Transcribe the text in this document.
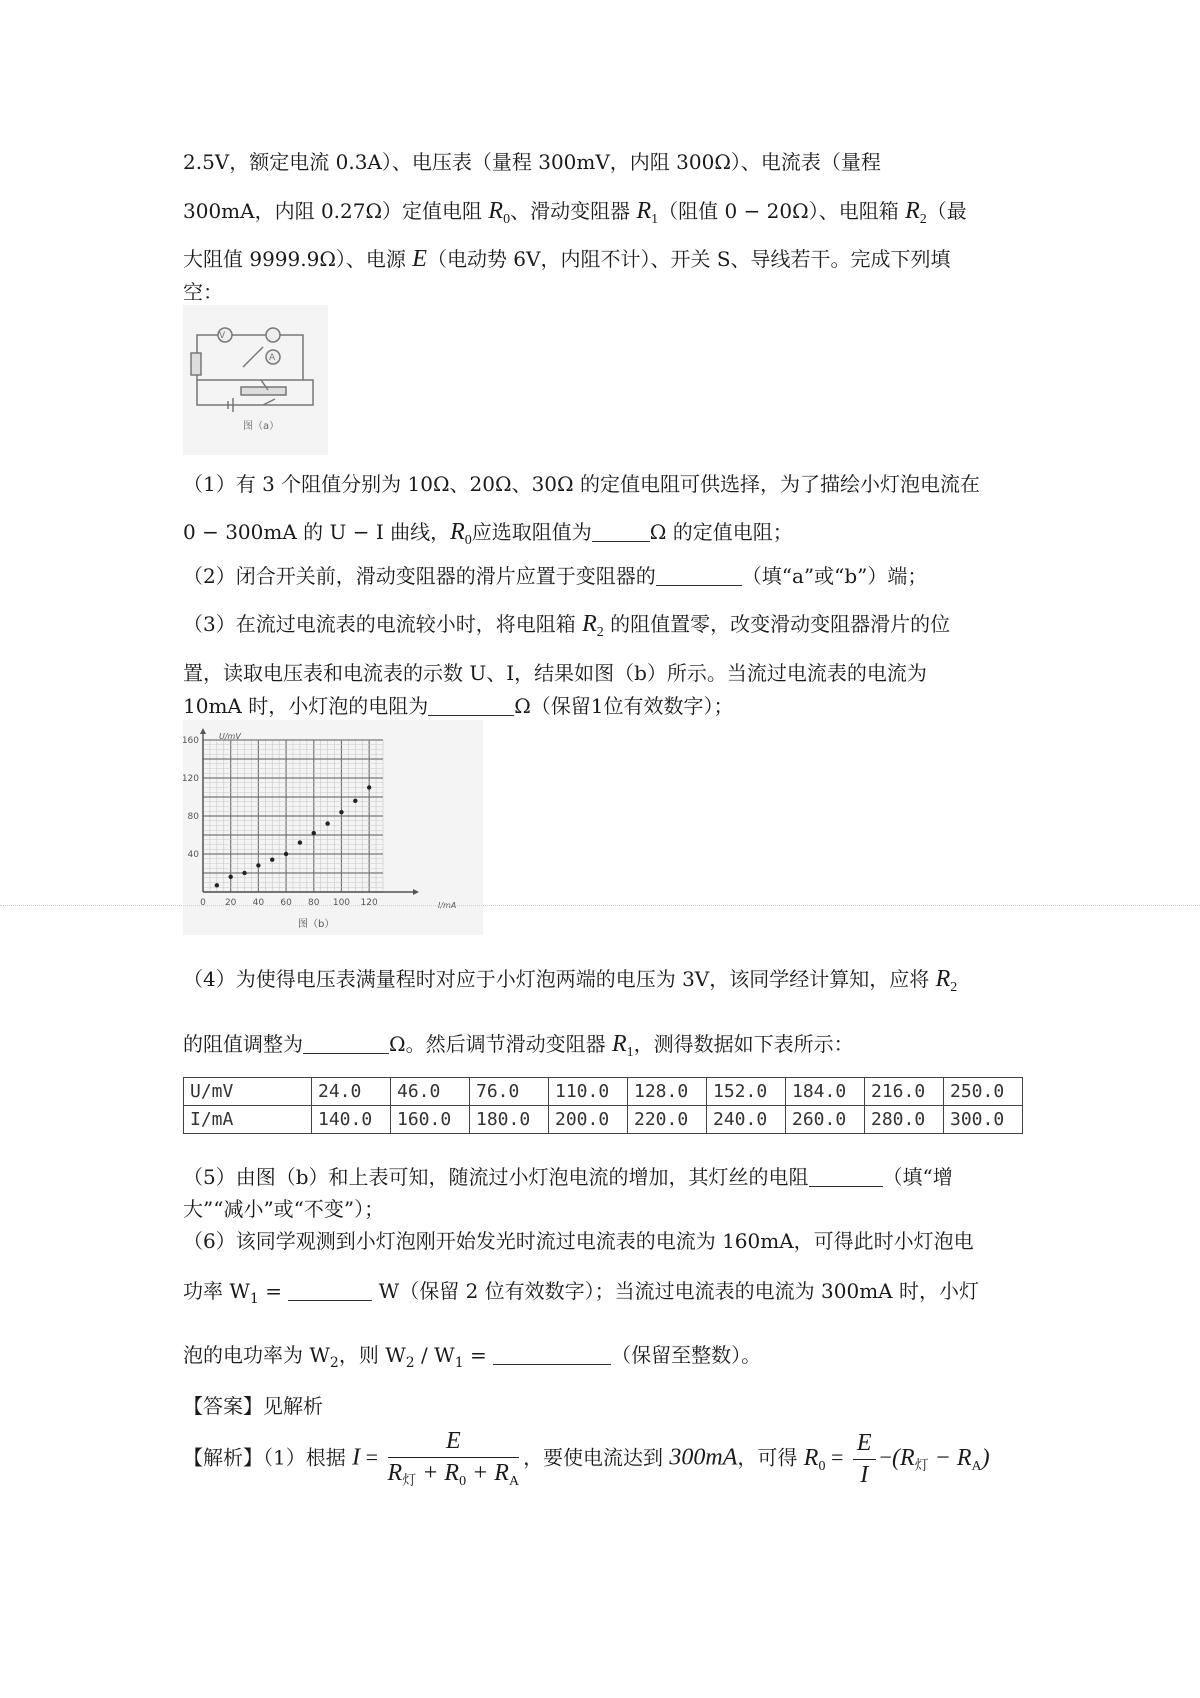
2.5V，额定电流 0.3A）、电压表（量程 300mV，内阻 300Ω）、电流表（量程
300mA，内阻 0.27Ω）定值电阻 $R_0$、滑动变阻器 $R_1$（阻值 0 − 20Ω）、电阻箱 $R_2$（最
大阻值 9999.9Ω）、电源 E（电动势 6V，内阻不计）、开关 S、导线若干。完成下列填
空：
V
A
图（a）
（1）有 3 个阻值分别为 10Ω、20Ω、30Ω 的定值电阻可供选择，为了描绘小灯泡电流在
0 − 300mA 的 U − I 曲线，$R_0$应选取阻值为	Ω 的定值电阻；
（2）闭合开关前，滑动变阻器的滑片应置于变阻器的	（填“a”或“b”）端；
（3）在流过电流表的电流较小时，将电阻箱 $R_2$ 的阻值置零，改变滑动变阻器滑片的位
置，读取电压表和电流表的示数 U、I，结果如图（b）所示。当流过电流表的电流为
10mA 时，小灯泡的电阻为	Ω（保留1位有效数字）；
0 20 40 60 80 100 120
40
80
120
160	U/mV
I/mA
图（b）
（4）为使得电压表满量程时对应于小灯泡两端的电压为 3V，该同学经计算知，应将 $R_2$
的阻值调整为	Ω。然后调节滑动变阻器 $R_1$，测得数据如下表所示：
U/mV	24.0	46.0	76.0	110.0	128.0	152.0	184.0	216.0	250.0
I/mA	140.0	160.0	180.0	200.0	220.0	240.0	260.0	280.0	300.0
（5）由图（b）和上表可知，随流过小灯泡电流的增加，其灯丝的电阻	（填“增
大”“减小”或“不变”）；
（6）该同学观测到小灯泡刚开始发光时流过电流表的电流为 160mA，可得此时小灯泡电
功率 $W_1$ =	W（保留 2 位有效数字）；当流过电流表的电流为 300mA 时，小灯
泡的电功率为 $W_2$，则 $W_2 / W_1$ =	（保留至整数）。
【答案】见解析
【解析】（1）根据 $I = \frac{E}{R_灯 + R_0 + R_A}$ ，要使电流达到 300mA，可得 $R_0 = \frac{E}{I} -(R_灯 - R_A)$
